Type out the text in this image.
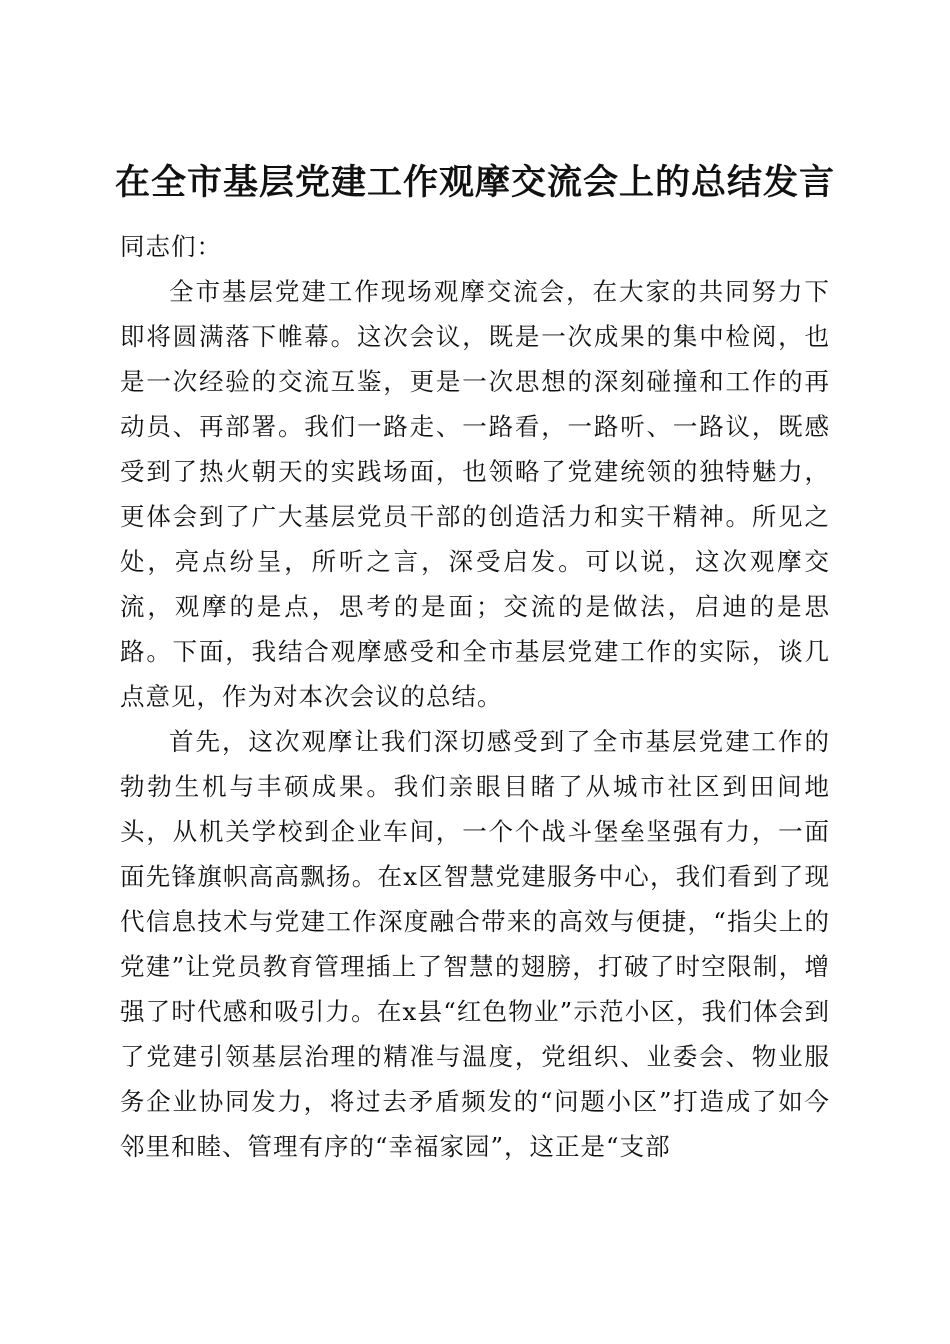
在全市基层党建工作观摩交流会上的总结发言

同志们：

全市基层党建工作现场观摩交流会，在大家的共同努力下即将圆满落下帷幕。这次会议，既是一次成果的集中检阅，也是一次经验的交流互鉴，更是一次思想的深刻碰撞和工作的再动员、再部署。我们一路走、一路看，一路听、一路议，既感受到了热火朝天的实践场面，也领略了党建统领的独特魅力，更体会到了广大基层党员干部的创造活力和实干精神。所见之处，亮点纷呈，所听之言，深受启发。可以说，这次观摩交流，观摩的是点，思考的是面；交流的是做法，启迪的是思路。下面，我结合观摩感受和全市基层党建工作的实际，谈几点意见，作为对本次会议的总结。

首先，这次观摩让我们深切感受到了全市基层党建工作的勃勃生机与丰硕成果。我们亲眼目睹了从城市社区到田间地头，从机关学校到企业车间，一个个战斗堡垒坚强有力，一面面先锋旗帜高高飘扬。在x区智慧党建服务中心，我们看到了现代信息技术与党建工作深度融合带来的高效与便捷，“指尖上的党建”让党员教育管理插上了智慧的翅膀，打破了时空限制，增强了时代感和吸引力。在x县“红色物业”示范小区，我们体会到了党建引领基层治理的精准与温度，党组织、业委会、物业服务企业协同发力，将过去矛盾频发的“问题小区”打造成了如今邻里和睦、管理有序的“幸福家园”，这正是“支部
